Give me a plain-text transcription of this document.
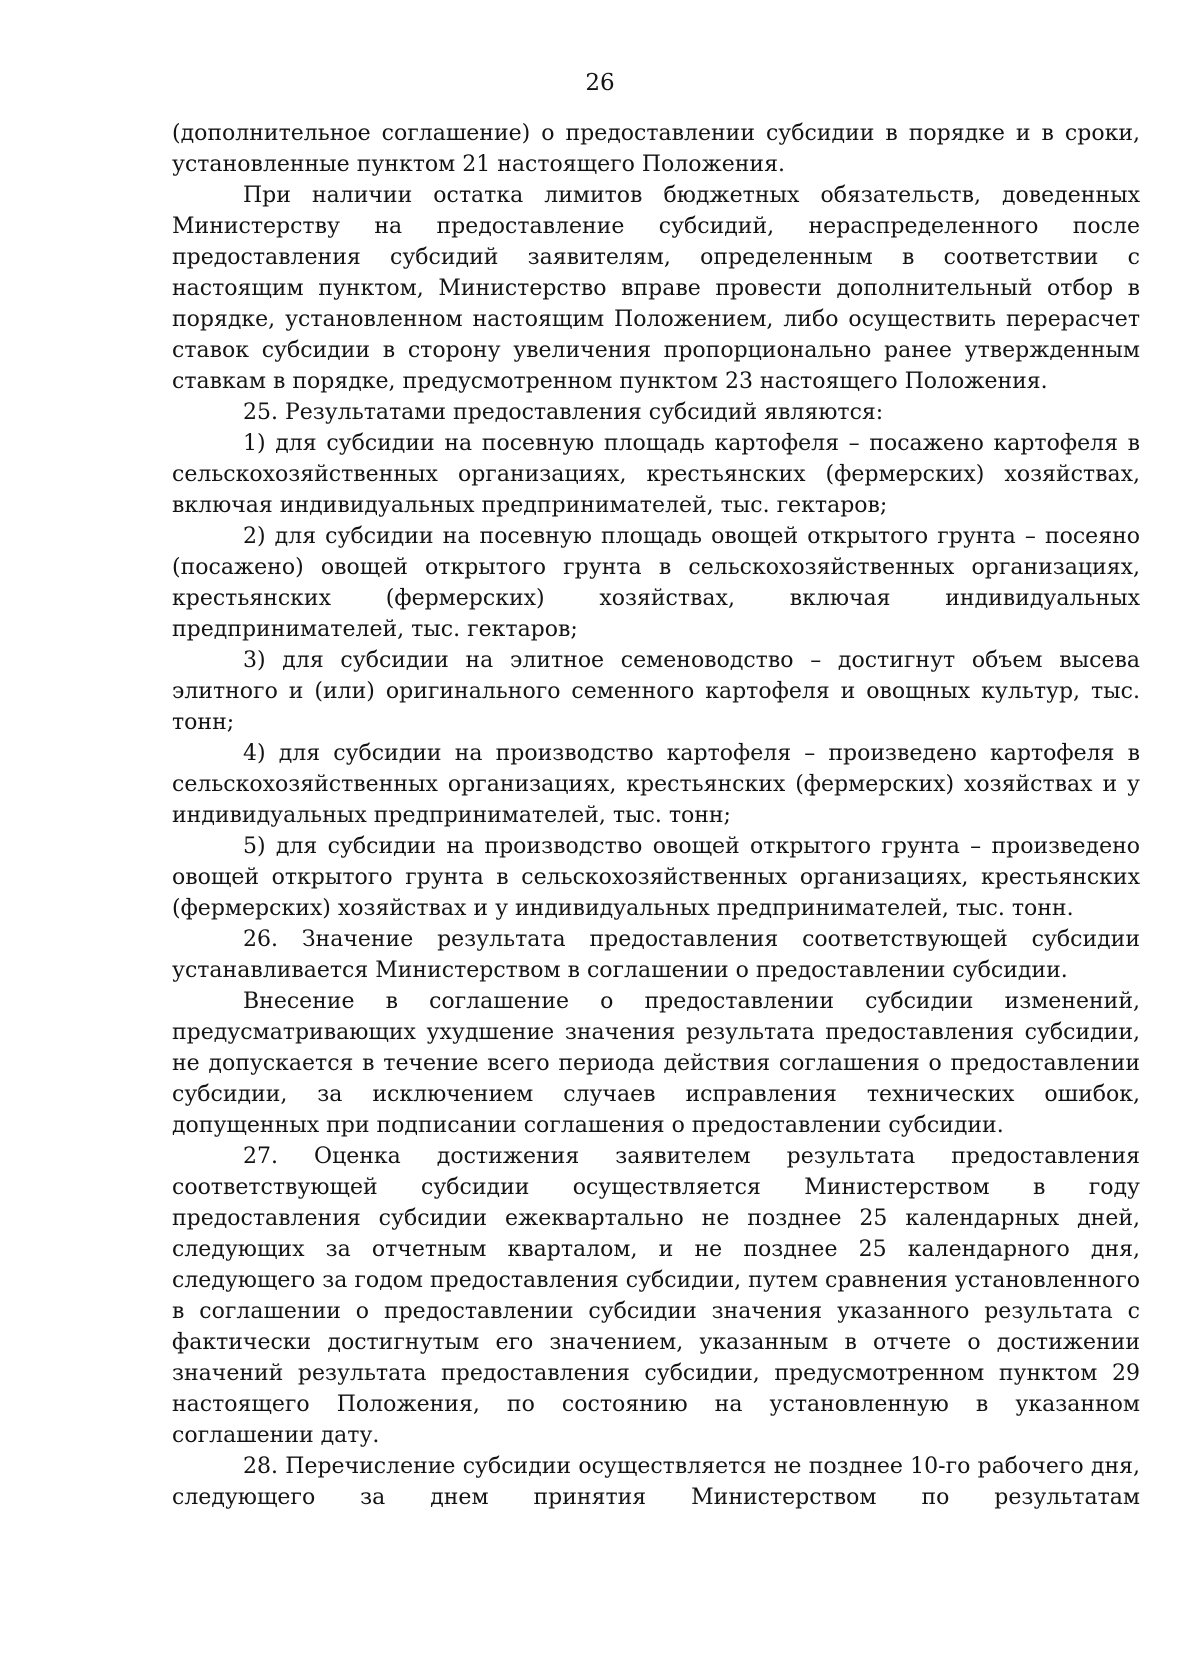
26

(дополнительное соглашение) о предоставлении субсидии в порядке и в сроки, установленные пунктом 21 настоящего Положения.

При наличии остатка лимитов бюджетных обязательств, доведенных Министерству на предоставление субсидий, нераспределенного после предоставления субсидий заявителям, определенным в соответствии с настоящим пунктом, Министерство вправе провести дополнительный отбор в порядке, установленном настоящим Положением, либо осуществить перерасчет ставок субсидии в сторону увеличения пропорционально ранее утвержденным ставкам в порядке, предусмотренном пунктом 23 настоящего Положения.

25. Результатами предоставления субсидий являются:

1) для субсидии на посевную площадь картофеля – посажено картофеля в сельскохозяйственных организациях, крестьянских (фермерских) хозяйствах, включая индивидуальных предпринимателей, тыс. гектаров;

2) для субсидии на посевную площадь овощей открытого грунта – посеяно (посажено) овощей открытого грунта в сельскохозяйственных организациях, крестьянских (фермерских) хозяйствах, включая индивидуальных предпринимателей, тыс. гектаров;

3) для субсидии на элитное семеноводство – достигнут объем высева элитного и (или) оригинального семенного картофеля и овощных культур, тыс. тонн;

4) для субсидии на производство картофеля – произведено картофеля в сельскохозяйственных организациях, крестьянских (фермерских) хозяйствах и у индивидуальных предпринимателей, тыс. тонн;

5) для субсидии на производство овощей открытого грунта – произведено овощей открытого грунта в сельскохозяйственных организациях, крестьянских (фермерских) хозяйствах и у индивидуальных предпринимателей, тыс. тонн.

26. Значение результата предоставления соответствующей субсидии устанавливается Министерством в соглашении о предоставлении субсидии.

Внесение в соглашение о предоставлении субсидии изменений, предусматривающих ухудшение значения результата предоставления субсидии, не допускается в течение всего периода действия соглашения о предоставлении субсидии, за исключением случаев исправления технических ошибок, допущенных при подписании соглашения о предоставлении субсидии.

27. Оценка достижения заявителем результата предоставления соответствующей субсидии осуществляется Министерством в году предоставления субсидии ежеквартально не позднее 25 календарных дней, следующих за отчетным кварталом, и не позднее 25 календарного дня, следующего за годом предоставления субсидии, путем сравнения установленного в соглашении о предоставлении субсидии значения указанного результата с фактически достигнутым его значением, указанным в отчете о достижении значений результата предоставления субсидии, предусмотренном пунктом 29 настоящего Положения, по состоянию на установленную в указанном соглашении дату.

28. Перечисление субсидии осуществляется не позднее 10-го рабочего дня, следующего за днем принятия Министерством по результатам
